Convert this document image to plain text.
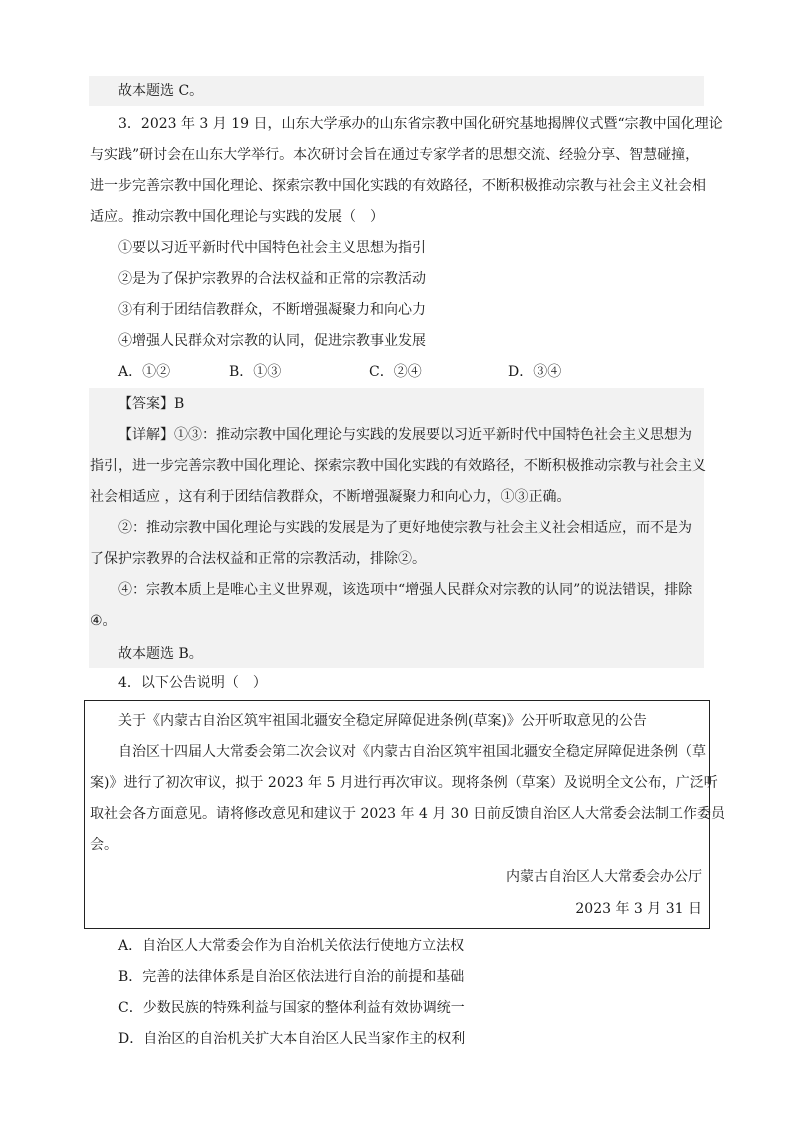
故本题选 C。
3．2023 年 3 月 19 日，山东大学承办的山东省宗教中国化研究基地揭牌仪式暨“宗教中国化理论
与实践”研讨会在山东大学举行。本次研讨会旨在通过专家学者的思想交流、经验分享、智慧碰撞，
进一步完善宗教中国化理论、探索宗教中国化实践的有效路径，不断积极推动宗教与社会主义社会相
适应。推动宗教中国化理论与实践的发展（　）
①要以习近平新时代中国特色社会主义思想为指引
②是为了保护宗教界的合法权益和正常的宗教活动
③有利于团结信教群众，不断增强凝聚力和向心力
④增强人民群众对宗教的认同，促进宗教事业发展
A．①②	B．①③	C．②④	D．③④
【答案】B
【详解】①③：推动宗教中国化理论与实践的发展要以习近平新时代中国特色社会主义思想为
指引，进一步完善宗教中国化理论、探索宗教中国化实践的有效路径，不断积极推动宗教与社会主义
社会相适应 ，这有利于团结信教群众，不断增强凝聚力和向心力，①③正确。
②：推动宗教中国化理论与实践的发展是为了更好地使宗教与社会主义社会相适应，而不是为
了保护宗教界的合法权益和正常的宗教活动，排除②。
④：宗教本质上是唯心主义世界观，该选项中“增强人民群众对宗教的认同”的说法错误，排除
④。
故本题选 B。
4．以下公告说明（　）
关于《内蒙古自治区筑牢祖国北疆安全稳定屏障促进条例(草案)》公开听取意见的公告
自治区十四届人大常委会第二次会议对《内蒙古自治区筑牢祖国北疆安全稳定屏障促进条例（草
案)》进行了初次审议，拟于 2023 年 5 月进行再次审议。现将条例（草案）及说明全文公布，广泛听
取社会各方面意见。请将修改意见和建议于 2023 年 4 月 30 日前反馈自治区人大常委会法制工作委员
会。
内蒙古自治区人大常委会办公厅
2023 年 3 月 31 日
A．自治区人大常委会作为自治机关依法行使地方立法权
B．完善的法律体系是自治区依法进行自治的前提和基础
C．少数民族的特殊利益与国家的整体利益有效协调统一
D．自治区的自治机关扩大本自治区人民当家作主的权利
